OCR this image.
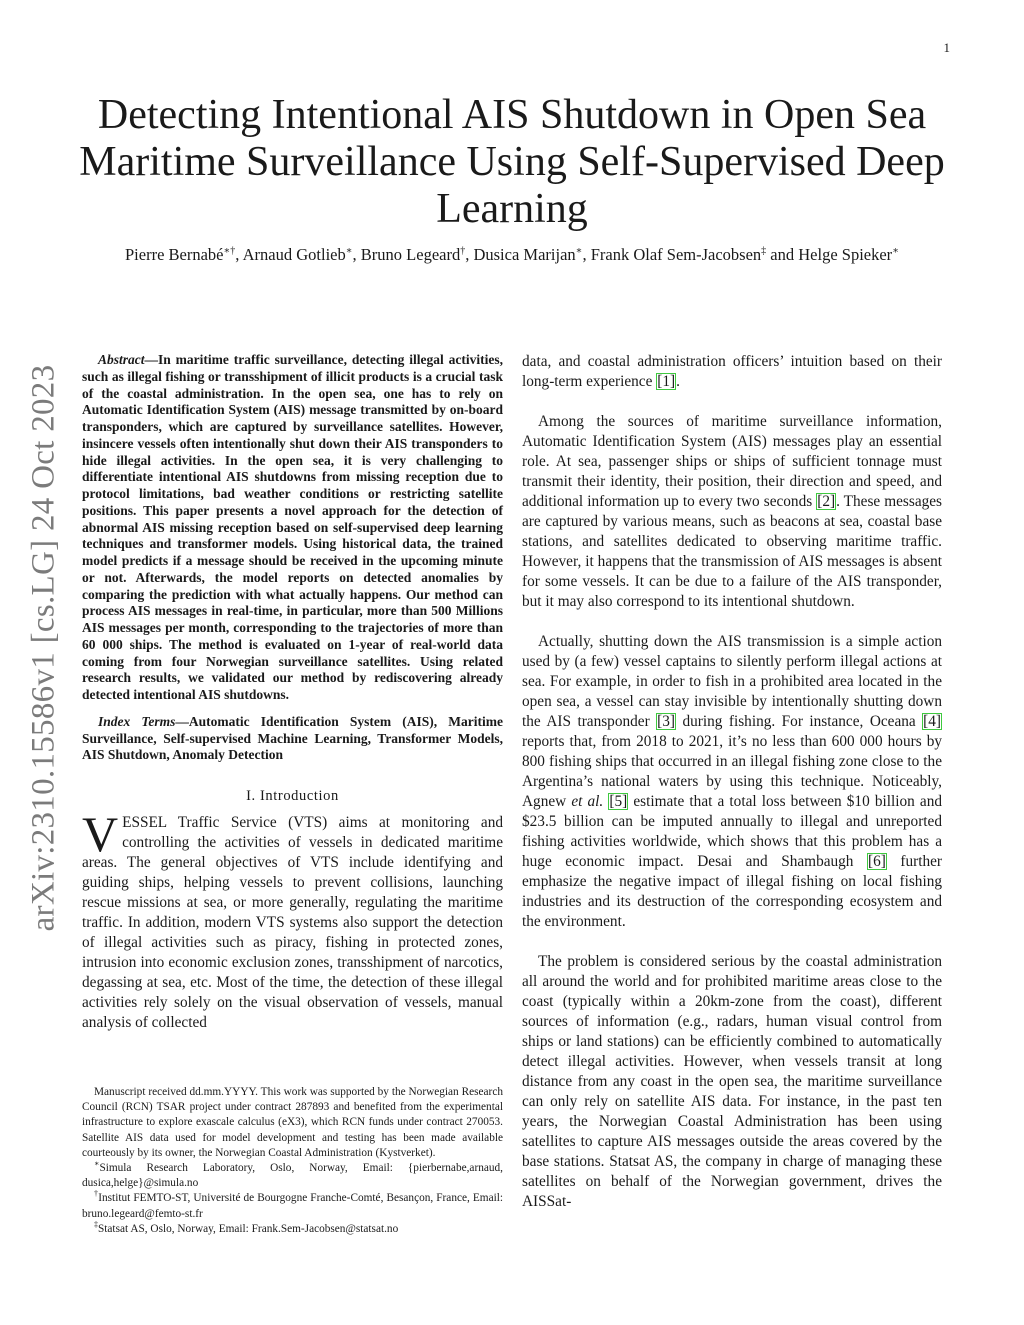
1
arXiv:2310.15586v1 [cs.LG] 24 Oct 2023
Detecting Intentional AIS Shutdown in Open Sea Maritime Surveillance Using Self-Supervised Deep Learning

Pierre Bernabé∗†, Arnaud Gotlieb∗, Bruno Legeard†, Dusica Marijan∗, Frank Olaf Sem-Jacobsen‡ and Helge Spieker∗

Abstract—In maritime traffic surveillance, detecting illegal activities, such as illegal fishing or transshipment of illicit products is a crucial task of the coastal administration. In the open sea, one has to rely on Automatic Identification System (AIS) message transmitted by on-board transponders, which are captured by surveillance satellites. However, insincere vessels often intentionally shut down their AIS transponders to hide illegal activities. In the open sea, it is very challenging to differentiate intentional AIS shutdowns from missing reception due to protocol limitations, bad weather conditions or restricting satellite positions. This paper presents a novel approach for the detection of abnormal AIS missing reception based on self-supervised deep learning techniques and transformer models. Using historical data, the trained model predicts if a message should be received in the upcoming minute or not. Afterwards, the model reports on detected anomalies by comparing the prediction with what actually happens. Our method can process AIS messages in real-time, in particular, more than 500 Millions AIS messages per month, corresponding to the trajectories of more than 60 000 ships. The method is evaluated on 1-year of real-world data coming from four Norwegian surveillance satellites. Using related research results, we validated our method by rediscovering already detected intentional AIS shutdowns.

Index Terms—Automatic Identification System (AIS), Maritime Surveillance, Self-supervised Machine Learning, Transformer Models, AIS Shutdown, Anomaly Detection

I. Introduction

VESSEL Traffic Service (VTS) aims at monitoring and controlling the activities of vessels in dedicated maritime areas. The general objectives of VTS include identifying and guiding ships, helping vessels to prevent collisions, launching rescue missions at sea, or more generally, regulating the maritime traffic. In addition, modern VTS systems also support the detection of illegal activities such as piracy, fishing in protected zones, intrusion into economic exclusion zones, transshipment of narcotics, degassing at sea, etc. Most of the time, the detection of these illegal activities rely solely on the visual observation of vessels, manual analysis of collected

Manuscript received dd.mm.YYYY. This work was supported by the Norwegian Research Council (RCN) TSAR project under contract 287893 and benefited from the experimental infrastructure to explore exascale calculus (eX3), which RCN funds under contract 270053. Satellite AIS data used for model development and testing has been made available courteously by its owner, the Norwegian Coastal Administration (Kystverket).

∗Simula Research Laboratory, Oslo, Norway, Email: {pierbernabe,arnaud, dusica,helge}@simula.no

†Institut FEMTO-ST, Université de Bourgogne Franche-Comté, Besançon, France, Email: bruno.legeard@femto-st.fr

‡Statsat AS, Oslo, Norway, Email: Frank.Sem-Jacobsen@statsat.no

data, and coastal administration officers’ intuition based on their long-term experience [1].

Among the sources of maritime surveillance information, Automatic Identification System (AIS) messages play an essential role. At sea, passenger ships or ships of sufficient tonnage must transmit their identity, their position, their direction and speed, and additional information up to every two seconds [2]. These messages are captured by various means, such as beacons at sea, coastal base stations, and satellites dedicated to observing maritime traffic. However, it happens that the transmission of AIS messages is absent for some vessels. It can be due to a failure of the AIS transponder, but it may also correspond to its intentional shutdown.

Actually, shutting down the AIS transmission is a simple action used by (a few) vessel captains to silently perform illegal actions at sea. For example, in order to fish in a prohibited area located in the open sea, a vessel can stay invisible by intentionally shutting down the AIS transponder [3] during fishing. For instance, Oceana [4] reports that, from 2018 to 2021, it’s no less than 600 000 hours by 800 fishing ships that occurred in an illegal fishing zone close to the Argentina’s national waters by using this technique. Noticeably, Agnew et al. [5] estimate that a total loss between $10 billion and $23.5 billion can be imputed annually to illegal and unreported fishing activities worldwide, which shows that this problem has a huge economic impact. Desai and Shambaugh [6] further emphasize the negative impact of illegal fishing on local fishing industries and its destruction of the corresponding ecosystem and the environment.

The problem is considered serious by the coastal administration all around the world and for prohibited maritime areas close to the coast (typically within a 20km-zone from the coast), different sources of information (e.g., radars, human visual control from ships or land stations) can be efficiently combined to automatically detect illegal activities. However, when vessels transit at long distance from any coast in the open sea, the maritime surveillance can only rely on satellite AIS data. For instance, in the past ten years, the Norwegian Coastal Administration has been using satellites to capture AIS messages outside the areas covered by the base stations. Statsat AS, the company in charge of managing these satellites on behalf of the Norwegian government, drives the AISSat-
